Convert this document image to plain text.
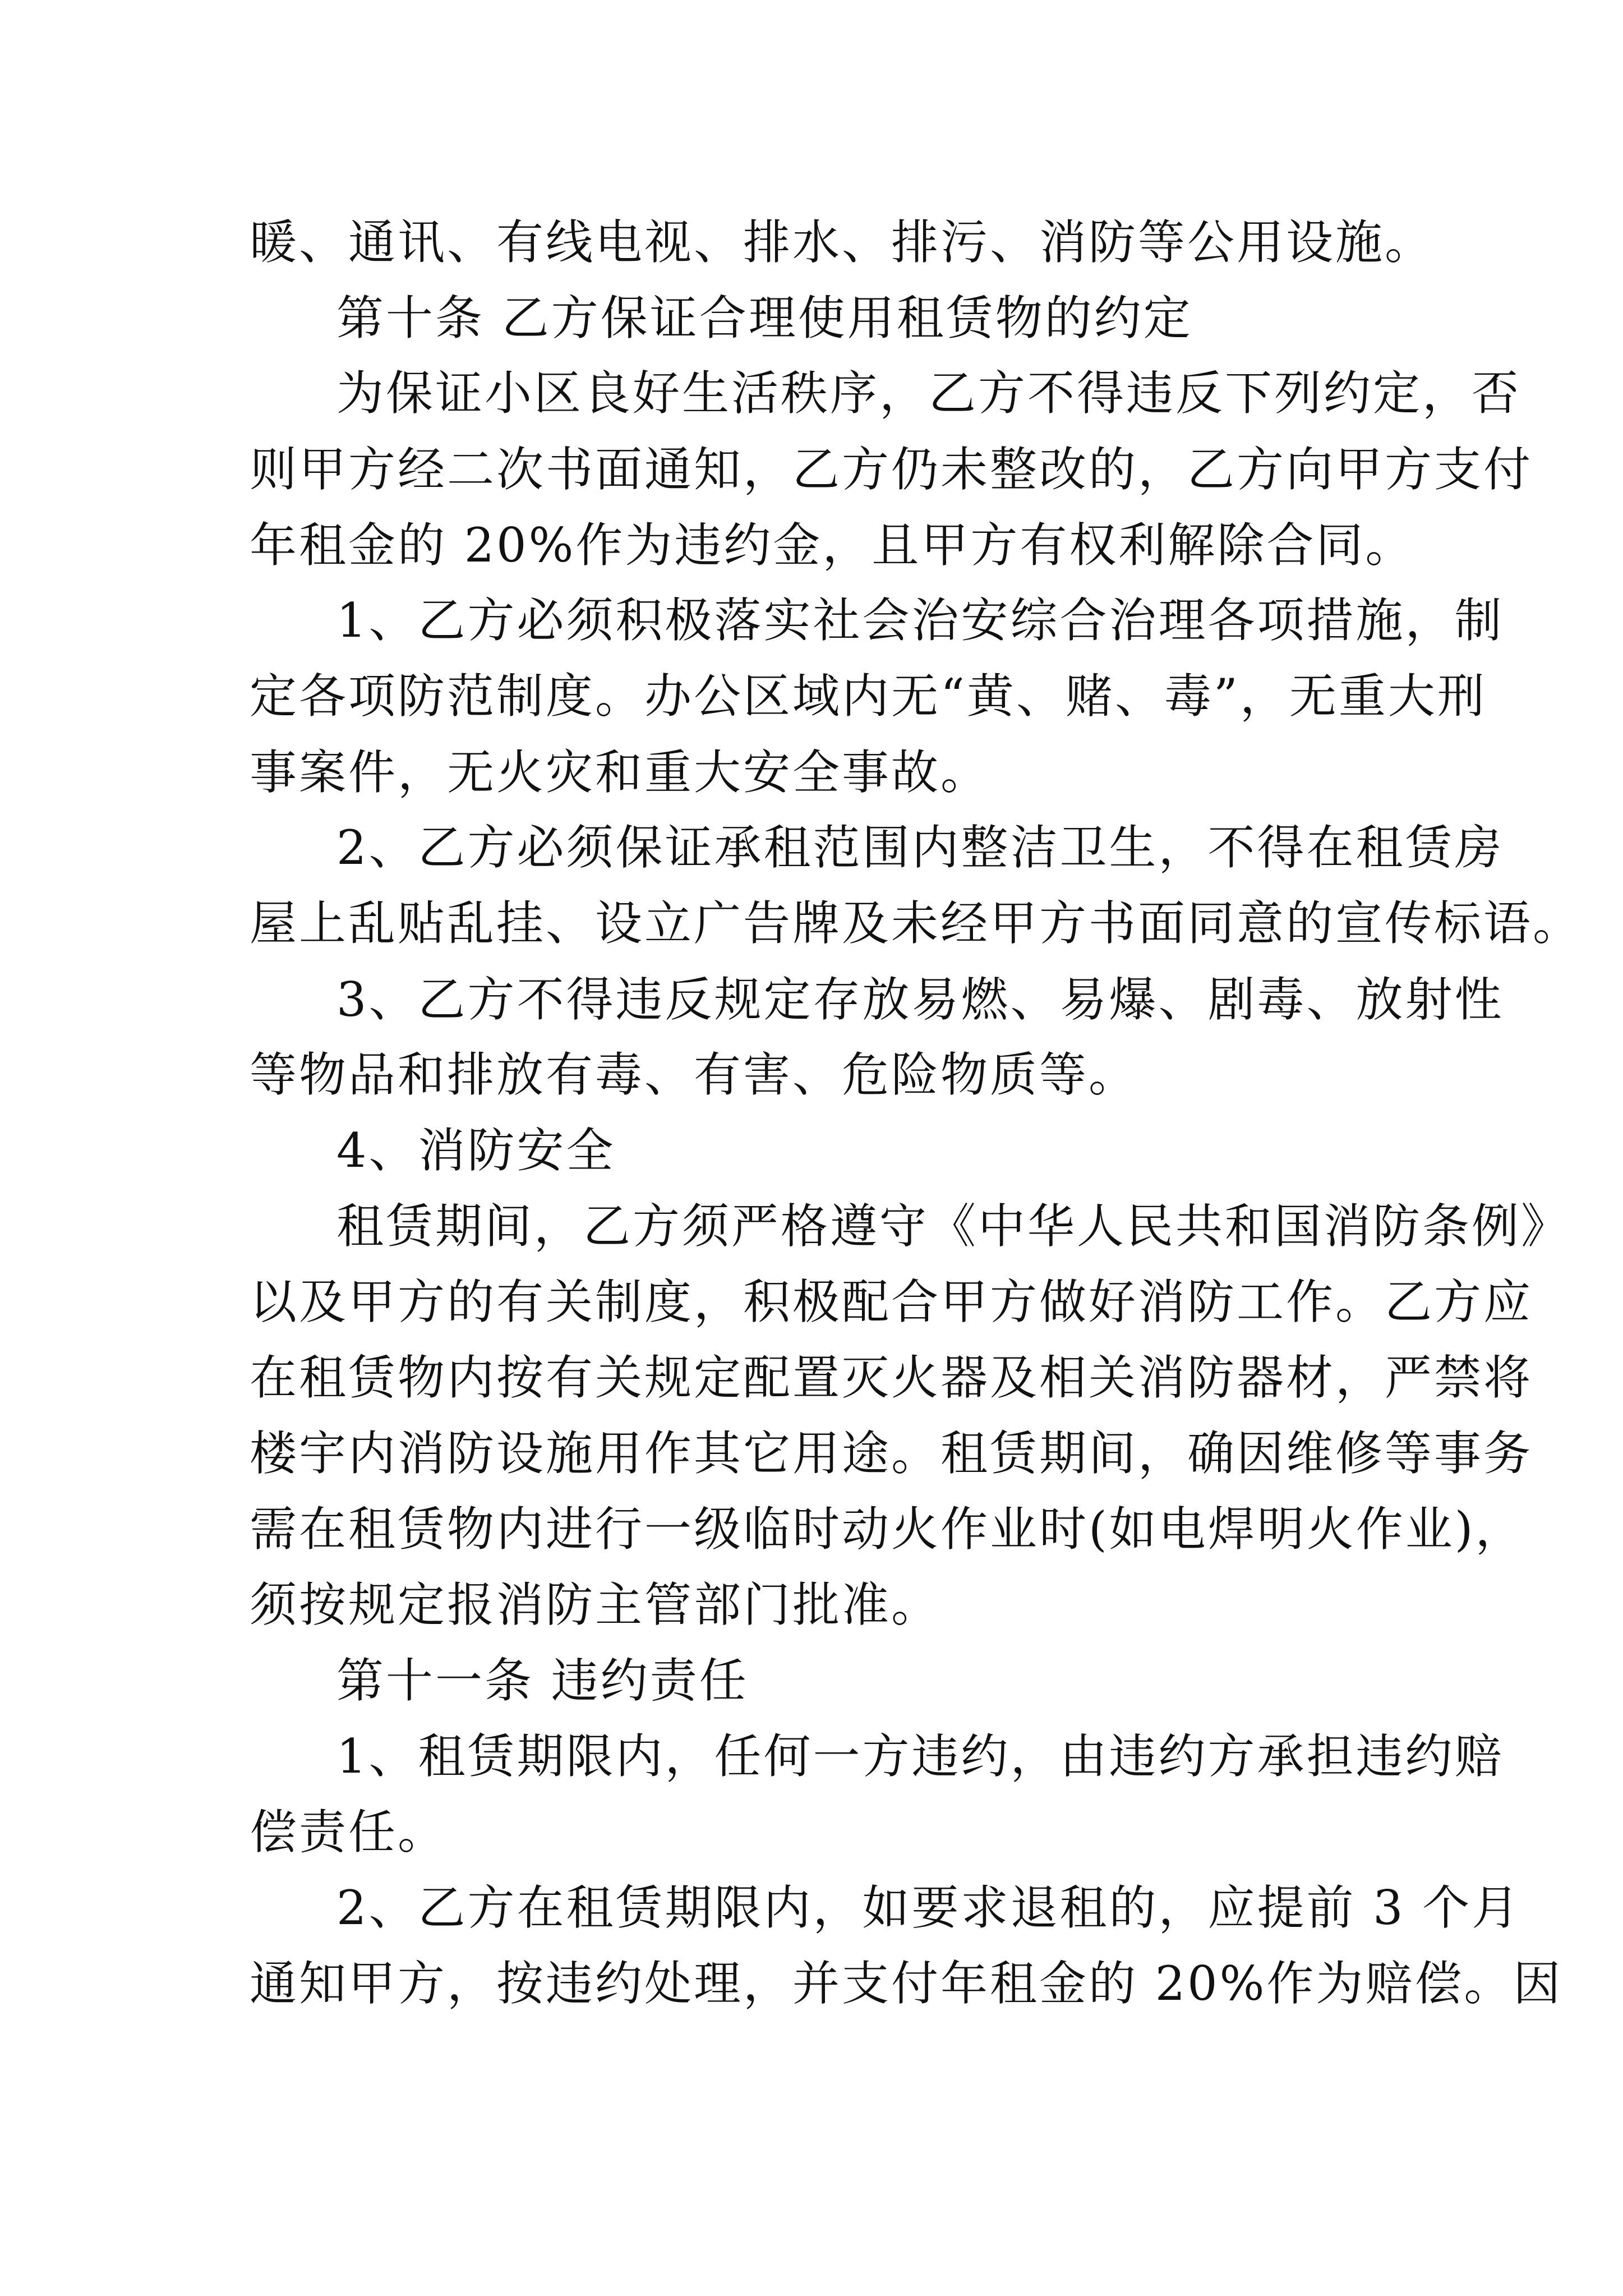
暖、通讯、有线电视、排水、排污、消防等公用设施。
第十条 乙方保证合理使用租赁物的约定
为保证小区良好生活秩序，乙方不得违反下列约定，否
则甲方经二次书面通知，乙方仍未整改的，乙方向甲方支付
年租金的 20%作为违约金，且甲方有权利解除合同。
1、乙方必须积极落实社会治安综合治理各项措施，制
定各项防范制度。办公区域内无“黄、赌、毒”，无重大刑
事案件，无火灾和重大安全事故。
2、乙方必须保证承租范围内整洁卫生，不得在租赁房
屋上乱贴乱挂、设立广告牌及未经甲方书面同意的宣传标语。
3、乙方不得违反规定存放易燃、易爆、剧毒、放射性
等物品和排放有毒、有害、危险物质等。
4、消防安全
租赁期间，乙方须严格遵守《中华人民共和国消防条例》
以及甲方的有关制度，积极配合甲方做好消防工作。乙方应
在租赁物内按有关规定配置灭火器及相关消防器材，严禁将
楼宇内消防设施用作其它用途。租赁期间，确因维修等事务
需在租赁物内进行一级临时动火作业时(如电焊明火作业)，
须按规定报消防主管部门批准。
第十一条 违约责任
1、租赁期限内，任何一方违约，由违约方承担违约赔
偿责任。
2、乙方在租赁期限内，如要求退租的，应提前 3 个月
通知甲方，按违约处理，并支付年租金的 20%作为赔偿。因
